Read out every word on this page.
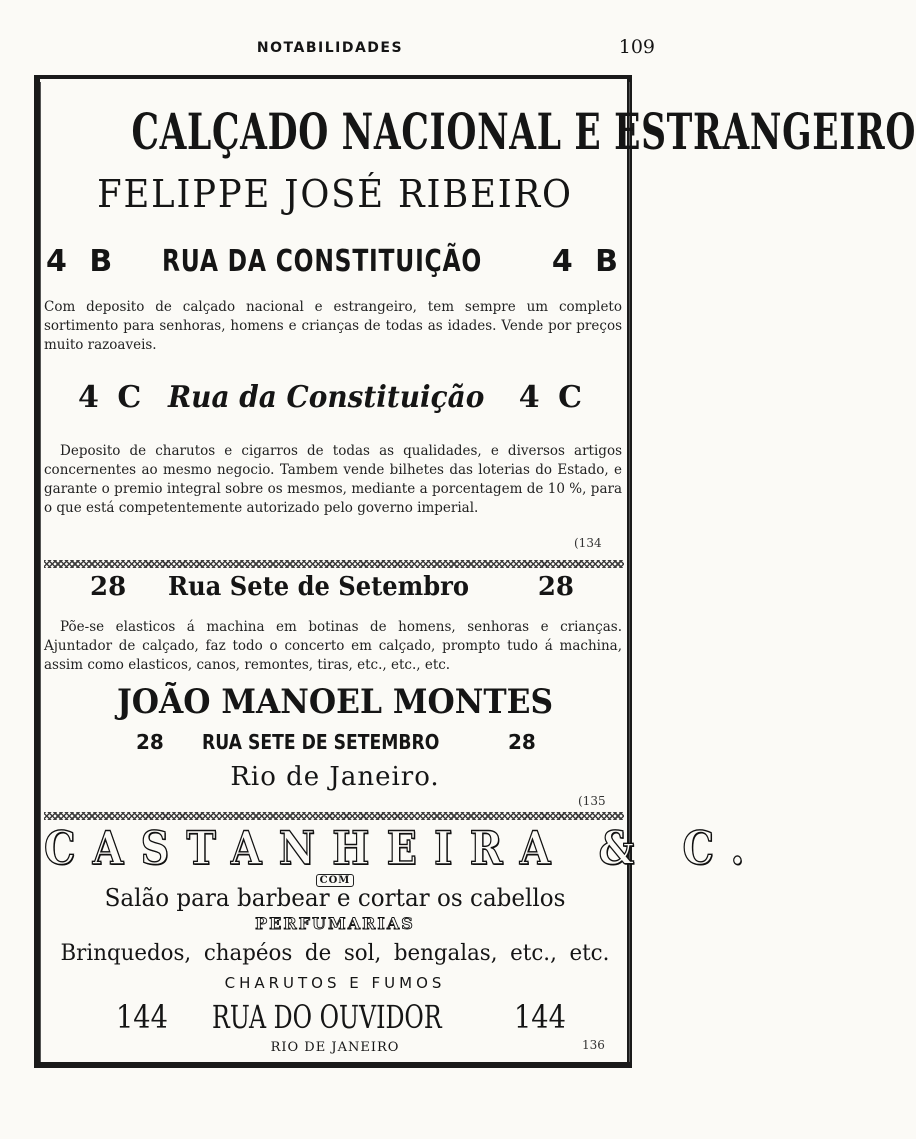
NOTABILIDADES	109
CALÇADO NACIONAL E ESTRANGEIRO
FELIPPE JOSÉ RIBEIRO
4 B RUA DA CONSTITUIÇÃO 4 B
Com deposito de calçado nacional e estrangeiro, tem sempre um completo sortimento para senhoras, homens e crianças de todas as idades. Vende por preços muito razoaveis.
4 C Rua da Constituição 4 C
Deposito de charutos e cigarros de todas as qualidades, e diversos artigos concernentes ao mesmo negocio. Tambem vende bilhetes das loterias do Estado, e garante o premio integral sobre os mesmos, mediante a porcentagem de 10 %, para o que está competentemente autorizado pelo governo imperial.
(134
28 Rua Sete de Setembro	28
Põe-se elasticos á machina em botinas de homens, senhoras e crianças. Ajuntador de calçado, faz todo o concerto em calçado, prompto tudo á machina, assim como elasticos, canos, remontes, tiras, etc., etc., etc.
JOÃO MANOEL MONTES
28 RUA SETE DE SETEMBRO	28
Rio de Janeiro.
(135
CASTANHEIRA & C.
COM
Salão para barbear e cortar os cabellos
PERFUMARIAS
Brinquedos, chapéos de sol, bengalas, etc., etc.
CHARUTOS E FUMOS
144 RUA DO OUVIDOR 144
RIO DE JANEIRO	136
